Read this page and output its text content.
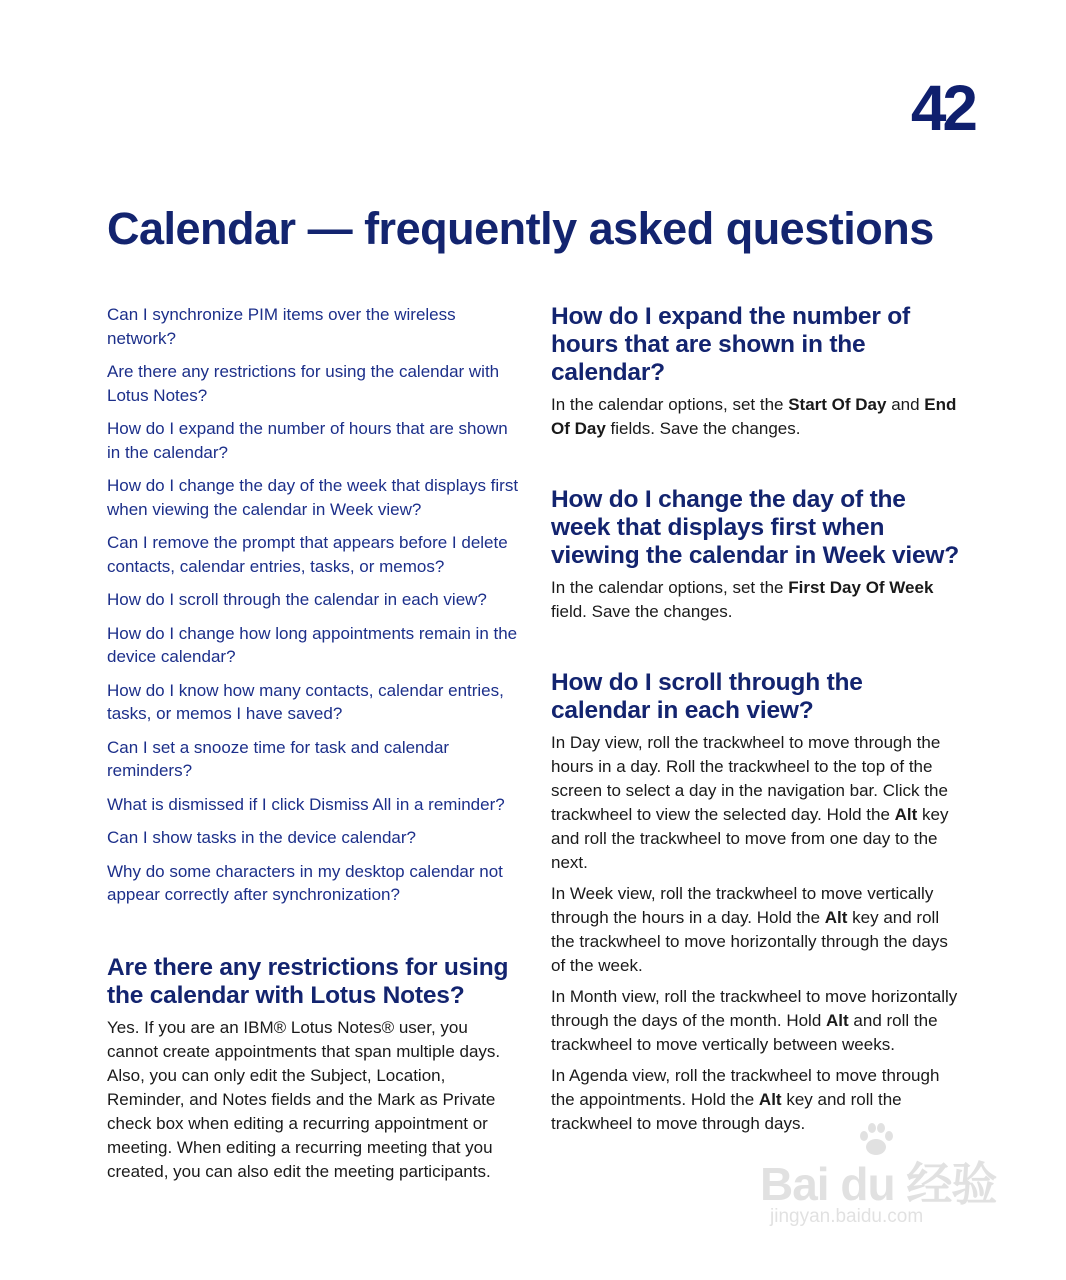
42
Calendar — frequently asked questions
Can I synchronize PIM items over the wireless network?
Are there any restrictions for using the calendar with Lotus Notes?
How do I expand the number of hours that are shown in the calendar?
How do I change the day of the week that displays first when viewing the calendar in Week view?
Can I remove the prompt that appears before I delete contacts, calendar entries, tasks, or memos?
How do I scroll through the calendar in each view?
How do I change how long appointments remain in the device calendar?
How do I know how many contacts, calendar entries, tasks, or memos I have saved?
Can I set a snooze time for task and calendar reminders?
What is dismissed if I click Dismiss All in a reminder?
Can I show tasks in the device calendar?
Why do some characters in my desktop calendar not appear correctly after synchronization?
Are there any restrictions for using the calendar with Lotus Notes?

Yes. If you are an IBM® Lotus Notes® user, you cannot create appointments that span multiple days. Also, you can only edit the Subject, Location, Reminder, and Notes fields and the Mark as Private check box when editing a recurring appointment or meeting. When editing a recurring meeting that you created, you can also edit the meeting participants.

How do I expand the number of hours that are shown in the calendar?

In the calendar options, set the Start Of Day and End Of Day fields. Save the changes.

How do I change the day of the week that displays first when viewing the calendar in Week view?

In the calendar options, set the First Day Of Week field. Save the changes.

How do I scroll through the calendar in each view?

In Day view, roll the trackwheel to move through the hours in a day. Roll the trackwheel to the top of the screen to select a day in the navigation bar. Click the trackwheel to view the selected day. Hold the Alt key and roll the trackwheel to move from one day to the next.

In Week view, roll the trackwheel to move vertically through the hours in a day. Hold the Alt key and roll the trackwheel to move horizontally through the days of the week.

In Month view, roll the trackwheel to move horizontally through the days of the month. Hold Alt and roll the trackwheel to move vertically between weeks.

In Agenda view, roll the trackwheel to move through the appointments. Hold the Alt key and roll the trackwheel to move through days.

Bai du 经验
jingyan.baidu.com
